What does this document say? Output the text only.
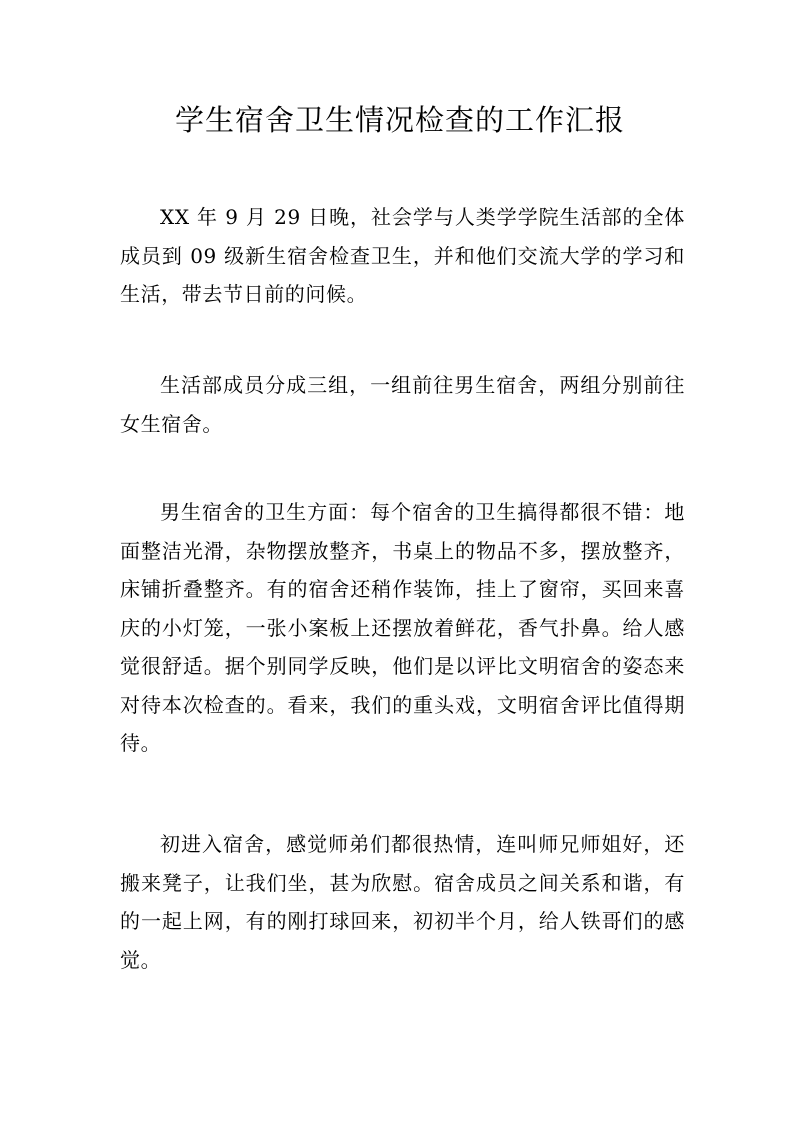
学生宿舍卫生情况检查的工作汇报

XX 年 9 月 29 日晚，社会学与人类学学院生活部的全体成员到 09 级新生宿舍检查卫生，并和他们交流大学的学习和生活，带去节日前的问候。

生活部成员分成三组，一组前往男生宿舍，两组分别前往女生宿舍。

男生宿舍的卫生方面：每个宿舍的卫生搞得都很不错：地面整洁光滑，杂物摆放整齐，书桌上的物品不多，摆放整齐，床铺折叠整齐。有的宿舍还稍作装饰，挂上了窗帘，买回来喜庆的小灯笼，一张小案板上还摆放着鲜花，香气扑鼻。给人感觉很舒适。据个别同学反映，他们是以评比文明宿舍的姿态来对待本次检查的。看来，我们的重头戏，文明宿舍评比值得期待。

初进入宿舍，感觉师弟们都很热情，连叫师兄师姐好，还搬来凳子，让我们坐，甚为欣慰。宿舍成员之间关系和谐，有的一起上网，有的刚打球回来，初初半个月，给人铁哥们的感觉。
